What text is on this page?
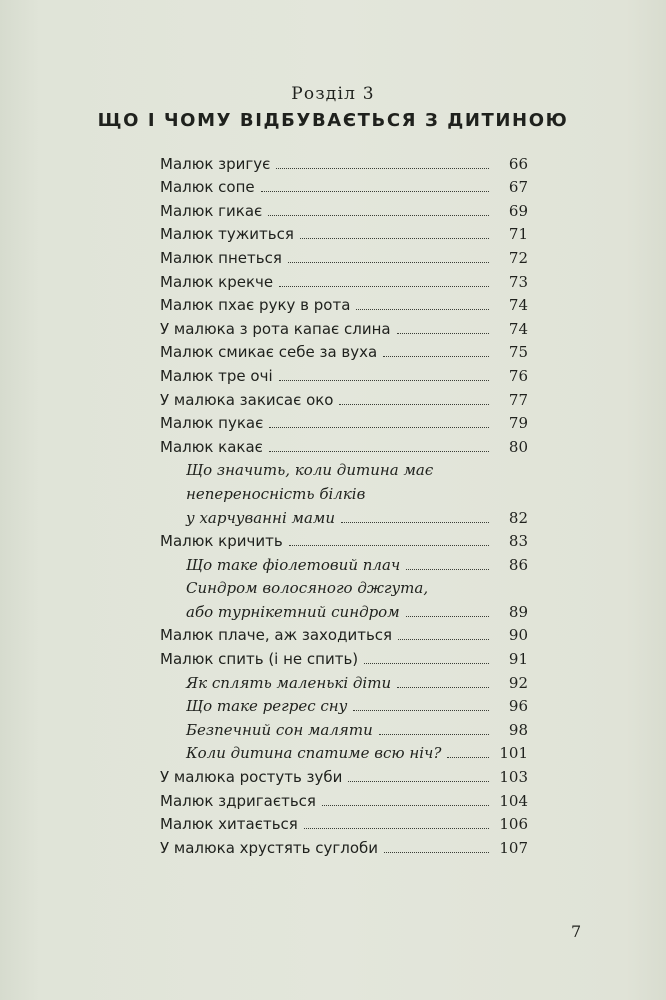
Розділ 3
ЩО І ЧОМУ ВІДБУВАЄТЬСЯ З ДИТИНОЮ
Малюк зригує	66
Малюк сопе	67
Малюк гикає	69
Малюк тужиться	71
Малюк пнеться	72
Малюк крекче	73
Малюк пхає руку в рота	74
У малюка з рота капає слина	74
Малюк смикає себе за вуха	75
Малюк тре очі	76
У малюка закисає око	77
Малюк пукає	79
Малюк какає	80
Що значить, коли дитина має
непереносність білків
у харчуванні мами	82
Малюк кричить	83
Що таке фіолетовий плач	86
Синдром волосяного джгута,
або турнікетний синдром	89
Малюк плаче, аж заходиться	90
Малюк спить (і не спить)	91
Як сплять маленькі діти	92
Що таке регрес сну	96
Безпечний сон маляти	98
Коли дитина спатиме всю ніч?	101
У малюка ростуть зуби	103
Малюк здригається	104
Малюк хитається	106
У малюка хрустять суглоби	107
7
